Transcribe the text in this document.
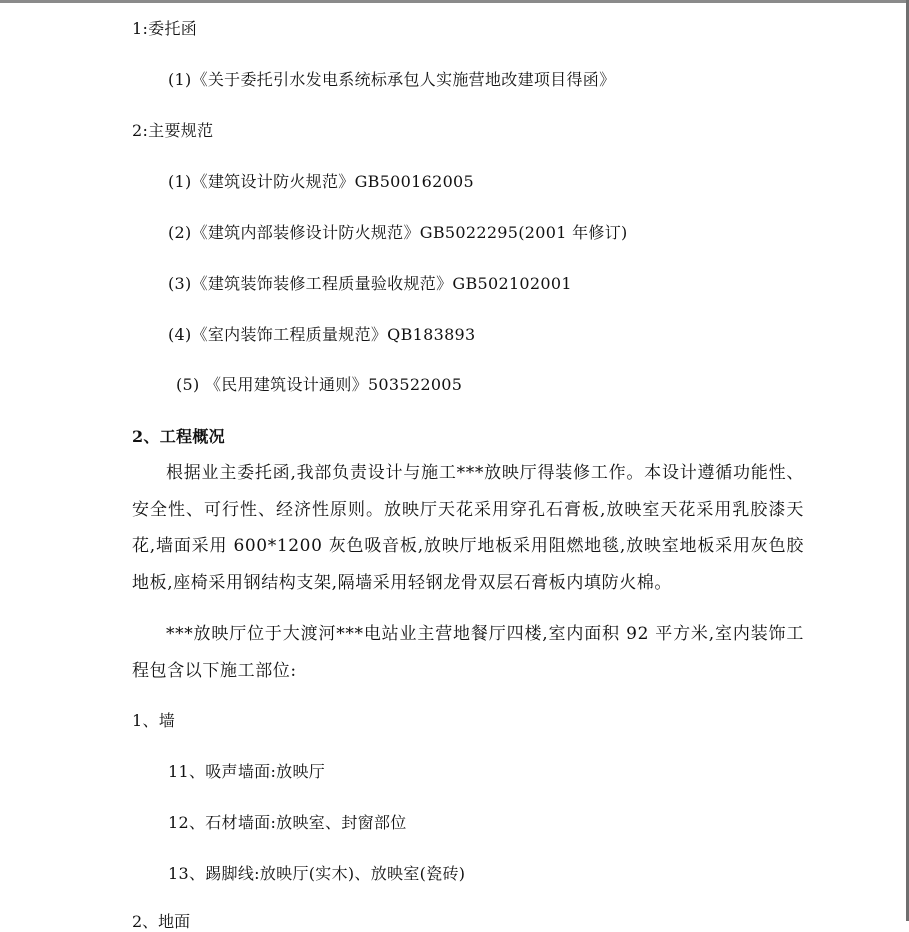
1:委托函
(1)《关于委托引水发电系统标承包人实施营地改建项目得函》
2:主要规范
(1)《建筑设计防火规范》GB500162005
(2)《建筑内部装修设计防火规范》GB5022295(2001 年修订)
(3)《建筑装饰装修工程质量验收规范》GB502102001
(4)《室内装饰工程质量规范》QB183893
(5) 《民用建筑设计通则》503522005
2、工程概况
根据业主委托函,我部负责设计与施工***放映厅得装修工作。本设计遵循功能性、安全性、可行性、经济性原则。放映厅天花采用穿孔石膏板,放映室天花采用乳胶漆天花,墙面采用 600*1200 灰色吸音板,放映厅地板采用阻燃地毯,放映室地板采用灰色胶地板,座椅采用钢结构支架,隔墙采用轻钢龙骨双层石膏板内填防火棉。
***放映厅位于大渡河***电站业主营地餐厅四楼,室内面积 92 平方米,室内装饰工程包含以下施工部位:
1、墙
11、吸声墙面:放映厅
12、石材墙面:放映室、封窗部位
13、踢脚线:放映厅(实木)、放映室(瓷砖)
2、地面
